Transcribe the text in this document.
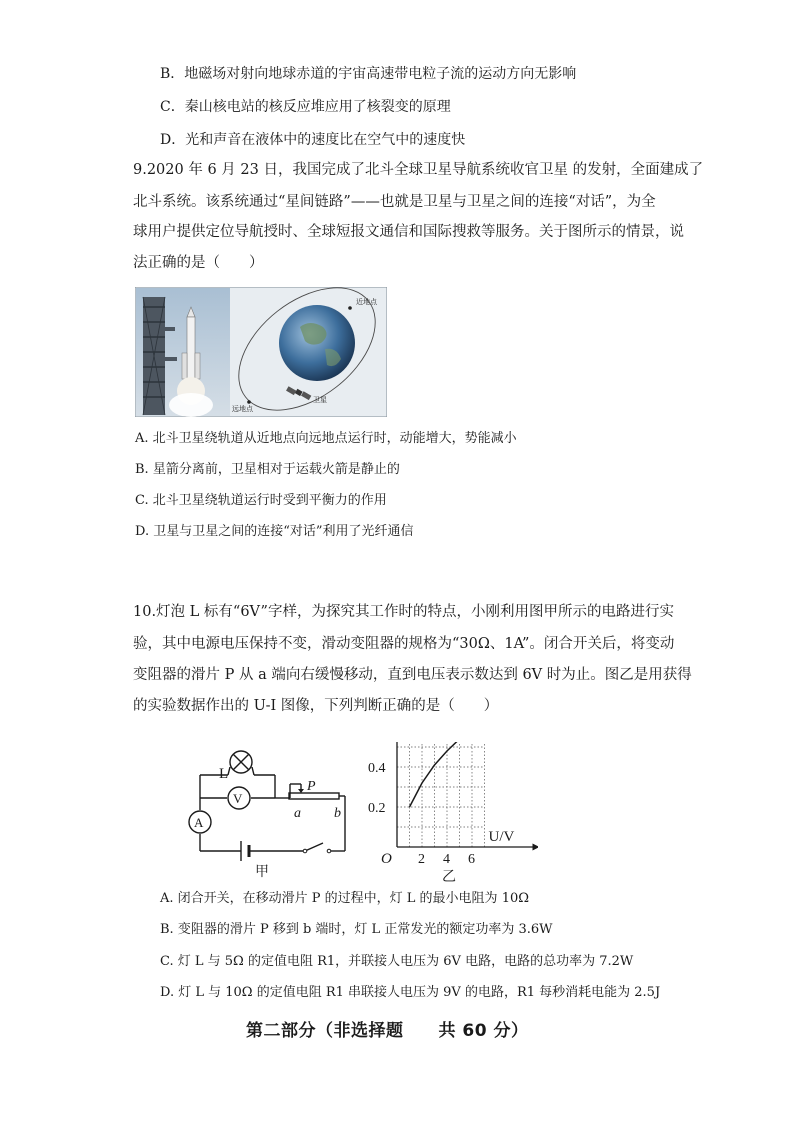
B．地磁场对射向地球赤道的宇宙高速带电粒子流的运动方向无影响
C．秦山核电站的核反应堆应用了核裂变的原理
D．光和声音在液体中的速度比在空气中的速度快
9.2020 年 6 月 23 日，我国完成了北斗全球卫星导航系统收官卫星 的发射，全面建成了
北斗系统。该系统通过“星间链路”——也就是卫星与卫星之间的连接“对话”，为全
球用户提供定位导航授时、全球短报文通信和国际搜救等服务。关于图所示的情景，说
法正确的是（　　）
近地点
远地点
卫星
A. 北斗卫星绕轨道从近地点向远地点运行时，动能增大，势能减小
B. 星箭分离前，卫星相对于运载火箭是静止的
C. 北斗卫星绕轨道运行时受到平衡力的作用
D. 卫星与卫星之间的连接“对话”利用了光纤通信
10.灯泡 L 标有“6V”字样，为探究其工作时的特点，小刚利用图甲所示的电路进行实
验，其中电源电压保持不变，滑动变阻器的规格为“30Ω、1A”。闭合开关后，将变动
变阻器的滑片 P 从 a 端向右缓慢移动，直到电压表示数达到 6V 时为止。图乙是用获得
的实验数据作出的 U-I 图像，下列判断正确的是（　　）
L
V
A
P
a b
甲
2 4 6
0.2
0.4
U/V
O
乙
A. 闭合开关，在移动滑片 P 的过程中，灯 L 的最小电阻为 10Ω
B. 变阻器的滑片 P 移到 b 端时，灯 L 正常发光的额定功率为 3.6W
C. 灯 L 与 5Ω 的定值电阻 R1，并联接人电压为 6V 电路，电路的总功率为 7.2W
D. 灯 L 与 10Ω 的定值电阻 R1 串联接人电压为 9V 的电路，R1 每秒消耗电能为 2.5J
第二部分（非选择题　　共 60 分）
